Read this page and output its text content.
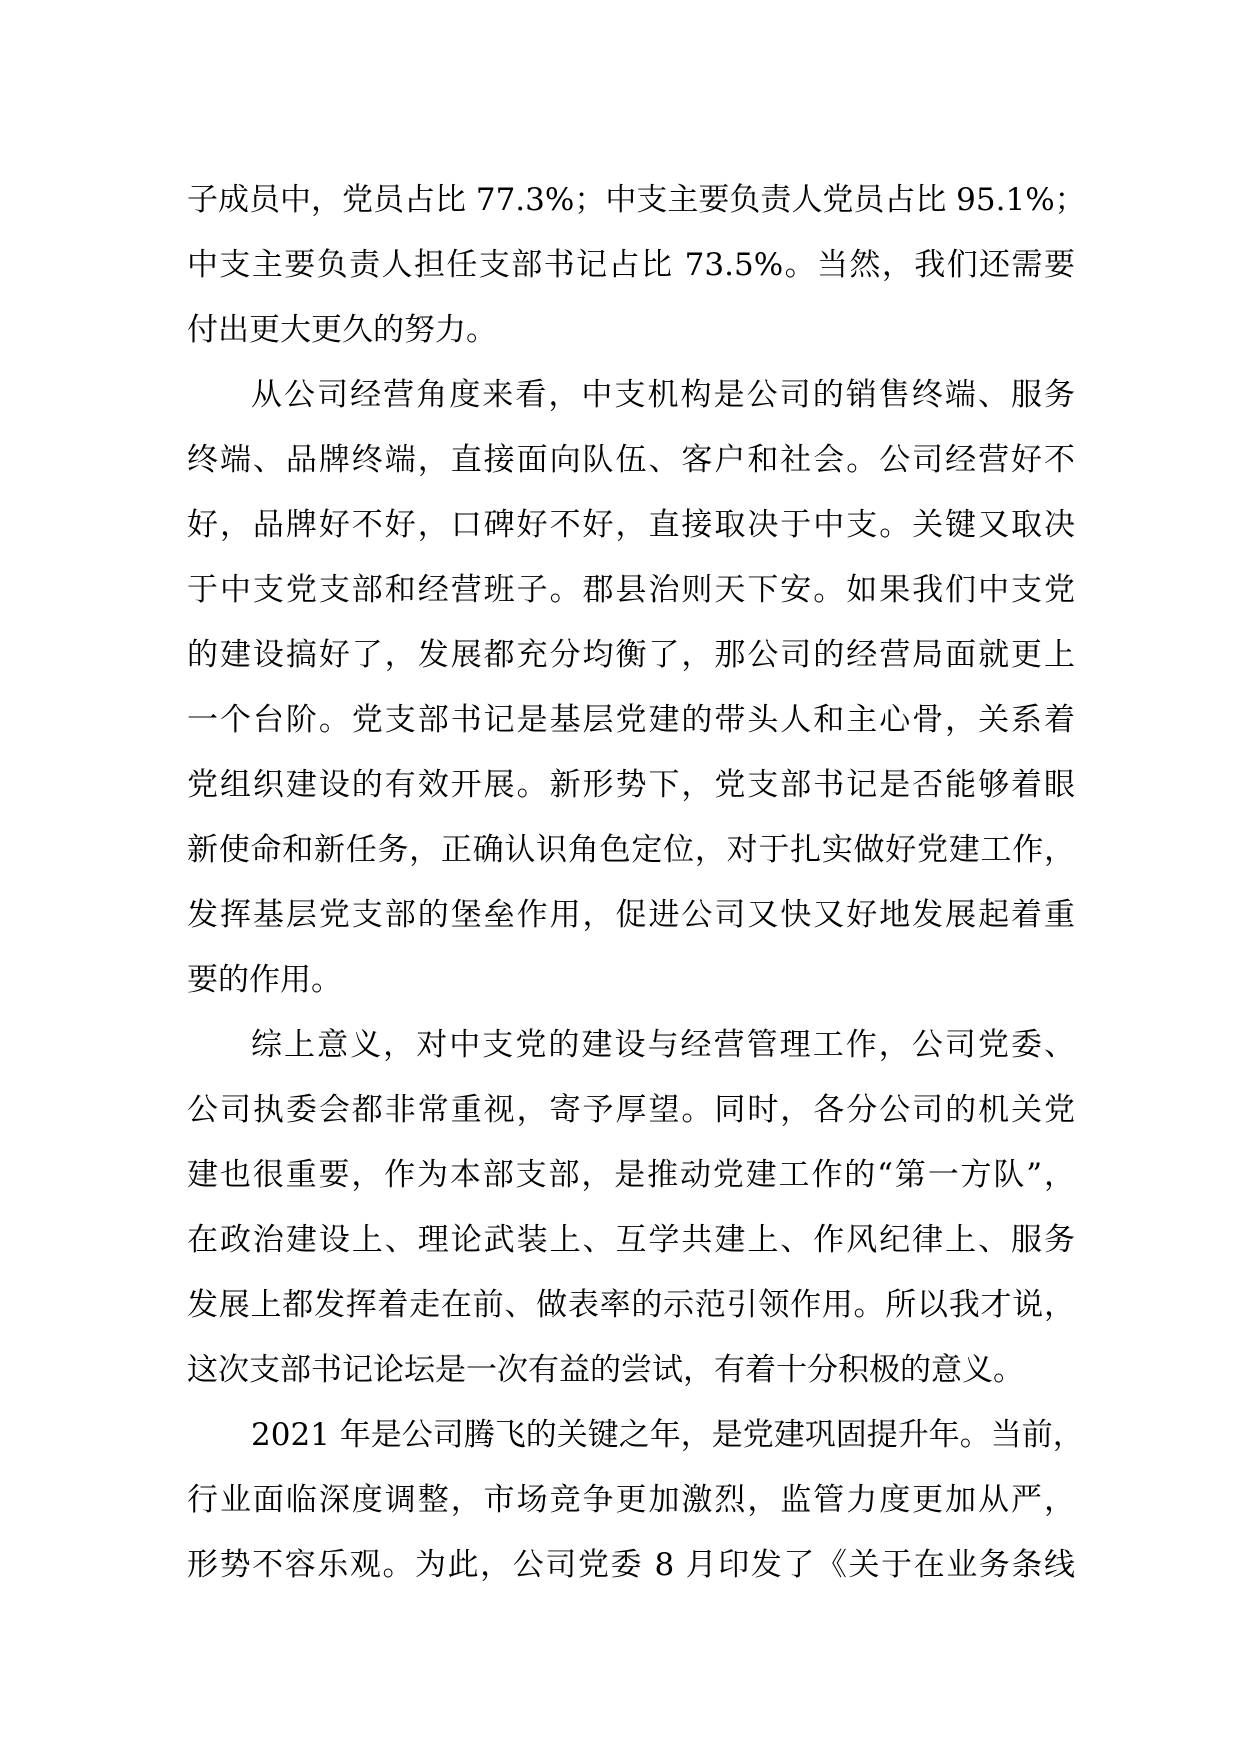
子成员中，党员占比 77.3%；中支主要负责人党员占比 95.1%；
中支主要负责人担任支部书记占比 73.5%。当然，我们还需要
付出更大更久的努力。
从公司经营角度来看，中支机构是公司的销售终端、服务
终端、品牌终端，直接面向队伍、客户和社会。公司经营好不
好，品牌好不好，口碑好不好，直接取决于中支。关键又取决
于中支党支部和经营班子。郡县治则天下安。如果我们中支党
的建设搞好了，发展都充分均衡了，那公司的经营局面就更上
一个台阶。党支部书记是基层党建的带头人和主心骨，关系着
党组织建设的有效开展。新形势下，党支部书记是否能够着眼
新使命和新任务，正确认识角色定位，对于扎实做好党建工作，
发挥基层党支部的堡垒作用，促进公司又快又好地发展起着重
要的作用。
综上意义，对中支党的建设与经营管理工作，公司党委、
公司执委会都非常重视，寄予厚望。同时，各分公司的机关党
建也很重要，作为本部支部，是推动党建工作的“第一方队”，
在政治建设上、理论武装上、互学共建上、作风纪律上、服务
发展上都发挥着走在前、做表率的示范引领作用。所以我才说，
这次支部书记论坛是一次有益的尝试，有着十分积极的意义。
2021 年是公司腾飞的关键之年，是党建巩固提升年。当前，
行业面临深度调整，市场竞争更加激烈，监管力度更加从严，
形势不容乐观。为此，公司党委 8 月印发了《关于在业务条线
